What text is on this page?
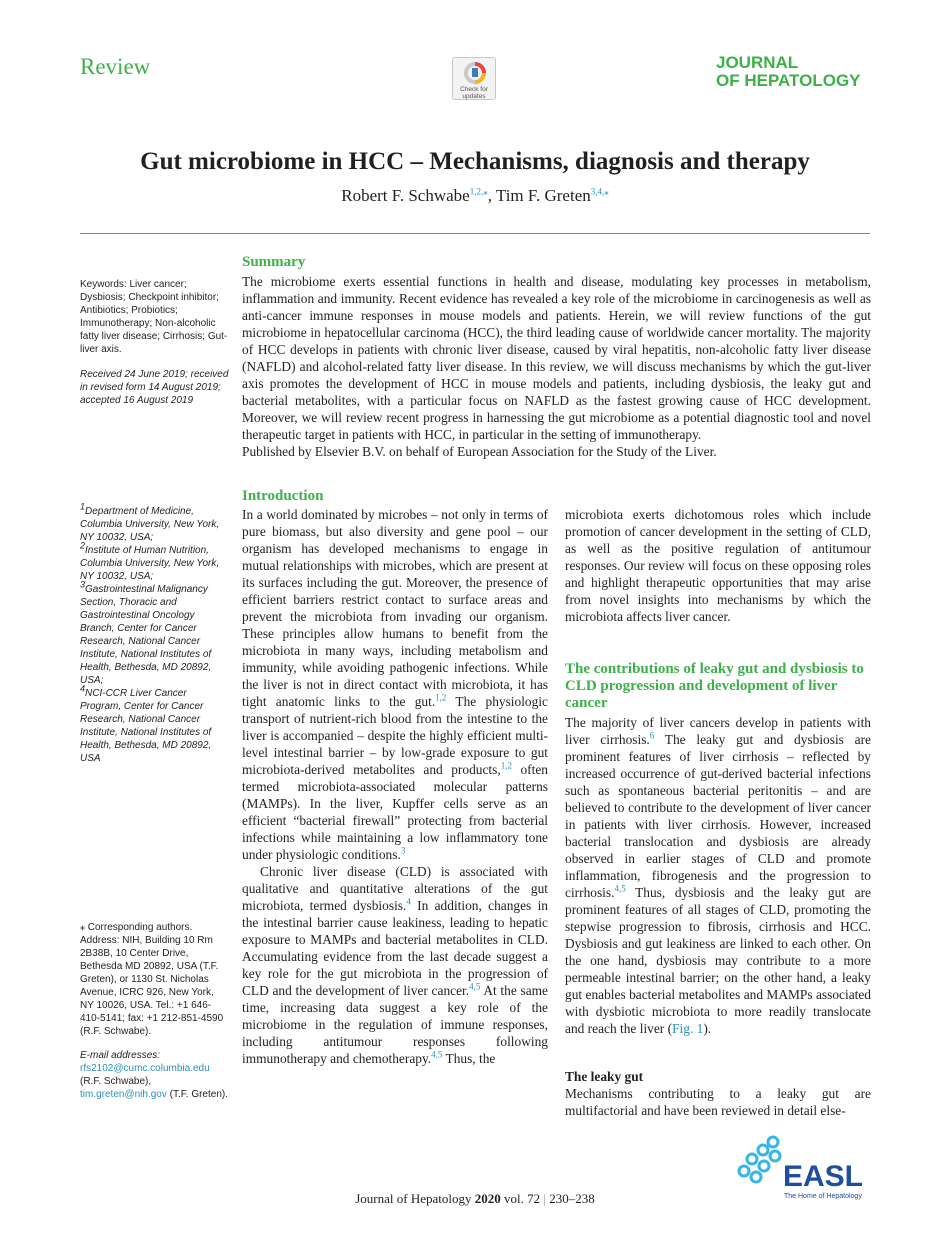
Review
Check for updates
JOURNAL
OF HEPATOLOGY
Gut microbiome in HCC – Mechanisms, diagnosis and therapy
Robert F. Schwabe$^{1,2,⁎}$, Tim F. Greten$^{3,4,⁎}$
Keywords: Liver cancer; Dysbiosis; Checkpoint inhibitor; Antibiotics; Probiotics; Immunotherapy; Non-alcoholic fatty liver disease; Cirrhosis; Gut-liver axis.
Received 24 June 2019; received in revised form 14 August 2019; accepted 16 August 2019
$^1$Department of Medicine, Columbia University, New York, NY 10032, USA;
$^2$Institute of Human Nutrition, Columbia University, New York, NY 10032, USA;
$^3$Gastrointestinal Malignancy Section, Thoracic and Gastrointestinal Oncology Branch, Center for Cancer Research, National Cancer Institute, National Institutes of Health, Bethesda, MD 20892, USA;
$^4$NCI-CCR Liver Cancer Program, Center for Cancer Research, National Cancer Institute, National Institutes of Health, Bethesda, MD 20892, USA
⁎ Corresponding authors. Address: NIH, Building 10 Rm 2B38B, 10 Center Drive, Bethesda MD 20892, USA (T.F. Greten), or 1130 St. Nicholas Avenue, ICRC 926, New York, NY 10026, USA. Tel.: +1 646-410-5141; fax: +1 212-851-4590 (R.F. Schwabe).
E-mail addresses: rfs2102@cumc.columbia.edu (R.F. Schwabe), tim.greten@nih.gov (T.F. Greten).
Summary
The microbiome exerts essential functions in health and disease, modulating key processes in metabolism, inflammation and immunity. Recent evidence has revealed a key role of the microbiome in carcinogenesis as well as anti-cancer immune responses in mouse models and patients. Herein, we will review functions of the gut microbiome in hepatocellular carcinoma (HCC), the third leading cause of worldwide cancer mortality. The majority of HCC develops in patients with chronic liver disease, caused by viral hepatitis, non-alcoholic fatty liver disease (NAFLD) and alcohol-related fatty liver disease. In this review, we will discuss mechanisms by which the gut-liver axis promotes the development of HCC in mouse models and patients, including dysbiosis, the leaky gut and bacterial metabolites, with a particular focus on NAFLD as the fastest growing cause of HCC development. Moreover, we will review recent progress in harnessing the gut microbiome as a potential diagnostic tool and novel therapeutic target in patients with HCC, in particular in the setting of immunotherapy.
Published by Elsevier B.V. on behalf of European Association for the Study of the Liver.
Introduction
In a world dominated by microbes – not only in terms of pure biomass, but also diversity and gene pool – our organism has developed mechanisms to engage in mutual relationships with microbes, which are present at its surfaces including the gut. Moreover, the presence of efficient barriers restrict contact to surface areas and prevent the microbiota from invading our organism. These principles allow humans to benefit from the microbiota in many ways, including metabolism and immunity, while avoiding pathogenic infections. While the liver is not in direct contact with microbiota, it has tight anatomic links to the gut.$^{1,2}$ The physiologic transport of nutrient-rich blood from the intestine to the liver is accompanied – despite the highly efficient multi-level intestinal barrier – by low-grade exposure to gut microbiota-derived metabolites and products,$^{1,2}$ often termed microbiota-associated molecular patterns (MAMPs). In the liver, Kupffer cells serve as an efficient “bacterial firewall” protecting from bacterial infections while maintaining a low inflammatory tone under physiologic conditions.$^3$
Chronic liver disease (CLD) is associated with qualitative and quantitative alterations of the gut microbiota, termed dysbiosis.$^4$ In addition, changes in the intestinal barrier cause leakiness, leading to hepatic exposure to MAMPs and bacterial metabolites in CLD. Accumulating evidence from the last decade suggest a key role for the gut microbiota in the progression of CLD and the development of liver cancer.$^{4,5}$ At the same time, increasing data suggest a key role of the microbiome in the regulation of immune responses, including antitumour responses following immunotherapy and chemotherapy.$^{4,5}$ Thus, the
microbiota exerts dichotomous roles which include promotion of cancer development in the setting of CLD, as well as the positive regulation of antitumour responses. Our review will focus on these opposing roles and highlight therapeutic opportunities that may arise from novel insights into mechanisms by which the microbiota affects liver cancer.
The contributions of leaky gut and dysbiosis to CLD progression and development of liver cancer
The majority of liver cancers develop in patients with liver cirrhosis.$^6$ The leaky gut and dysbiosis are prominent features of liver cirrhosis – reflected by increased occurrence of gut-derived bacterial infections such as spontaneous bacterial peritonitis – and are believed to contribute to the development of liver cancer in patients with liver cirrhosis. However, increased bacterial translocation and dysbiosis are already observed in earlier stages of CLD and promote inflammation, fibrogenesis and the progression to cirrhosis.$^{4,5}$ Thus, dysbiosis and the leaky gut are prominent features of all stages of CLD, promoting the stepwise progression to fibrosis, cirrhosis and HCC. Dysbiosis and gut leakiness are linked to each other. On the one hand, dysbiosis may contribute to a more permeable intestinal barrier; on the other hand, a leaky gut enables bacterial metabolites and MAMPs associated with dysbiotic microbiota to more readily translocate and reach the liver (Fig. 1).
The leaky gut
Mechanisms contributing to a leaky gut are multifactorial and have been reviewed in detail else-
EASL
The Home of Hepatology
Journal of Hepatology 2020 vol. 72 | 230–238
